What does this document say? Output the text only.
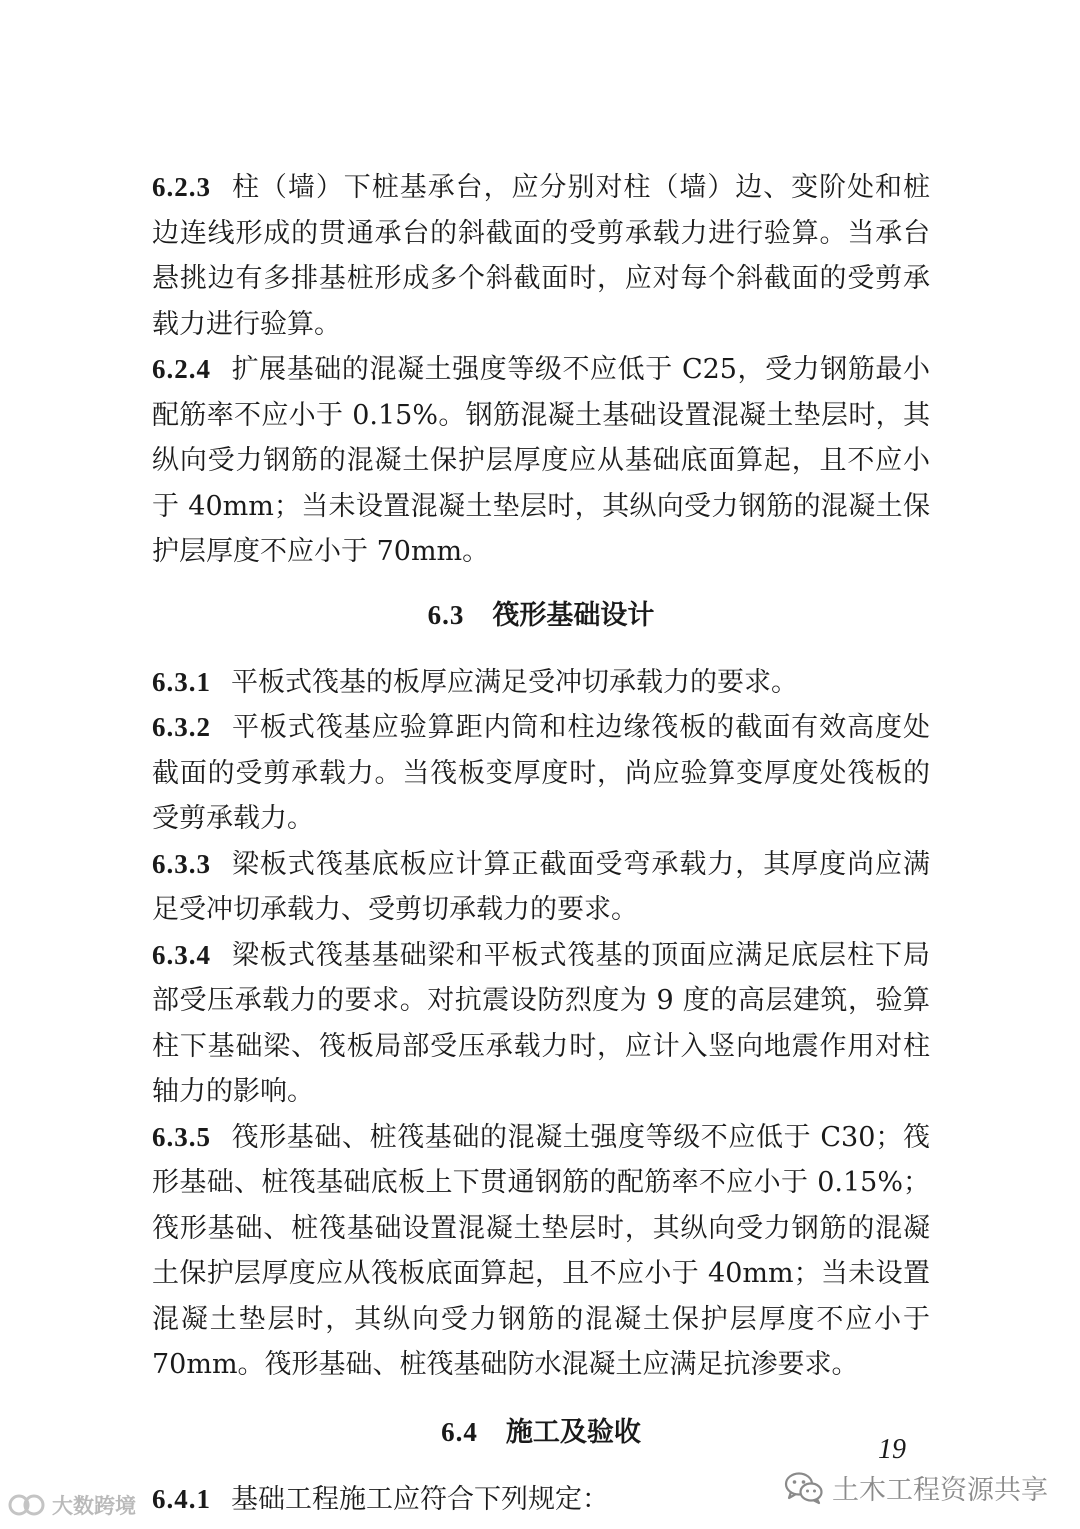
6.2.3 柱（墙）下桩基承台，应分别对柱（墙）边、变阶处和桩边连线形成的贯通承台的斜截面的受剪承载力进行验算。当承台悬挑边有多排基桩形成多个斜截面时，应对每个斜截面的受剪承载力进行验算。

6.2.4 扩展基础的混凝土强度等级不应低于 C25，受力钢筋最小配筋率不应小于 0.15%。钢筋混凝土基础设置混凝土垫层时，其纵向受力钢筋的混凝土保护层厚度应从基础底面算起，且不应小于 40mm；当未设置混凝土垫层时，其纵向受力钢筋的混凝土保护层厚度不应小于 70mm。

6.3 筏形基础设计

6.3.1 平板式筏基的板厚应满足受冲切承载力的要求。

6.3.2 平板式筏基应验算距内筒和柱边缘筏板的截面有效高度处截面的受剪承载力。当筏板变厚度时，尚应验算变厚度处筏板的受剪承载力。

6.3.3 梁板式筏基底板应计算正截面受弯承载力，其厚度尚应满足受冲切承载力、受剪切承载力的要求。

6.3.4 梁板式筏基基础梁和平板式筏基的顶面应满足底层柱下局部受压承载力的要求。对抗震设防烈度为 9 度的高层建筑，验算柱下基础梁、筏板局部受压承载力时，应计入竖向地震作用对柱轴力的影响。

6.3.5 筏形基础、桩筏基础的混凝土强度等级不应低于 C30；筏形基础、桩筏基础底板上下贯通钢筋的配筋率不应小于 0.15%；筏形基础、桩筏基础设置混凝土垫层时，其纵向受力钢筋的混凝土保护层厚度应从筏板底面算起，且不应小于 40mm；当未设置混凝土垫层时，其纵向受力钢筋的混凝土保护层厚度不应小于 70mm。筏形基础、桩筏基础防水混凝土应满足抗渗要求。

6.4 施工及验收

6.4.1 基础工程施工应符合下列规定：

19
土木工程资源共享
大数跨境
